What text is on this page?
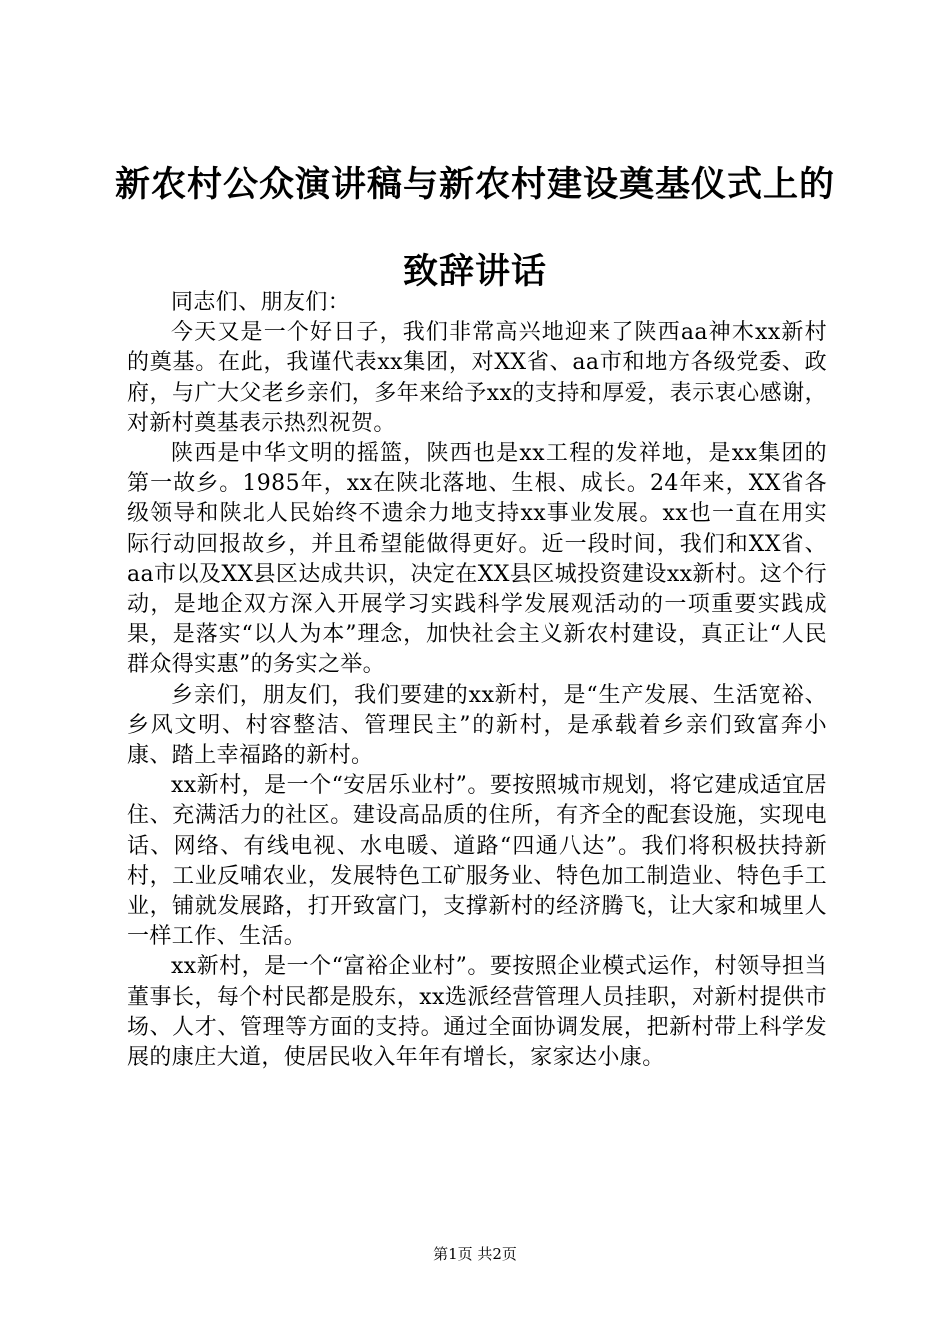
新农村公众演讲稿与新农村建设奠基仪式上的
致辞讲话

同志们、朋友们：

今天又是一个好日子，我们非常高兴地迎来了陕西aa神木xx新村的奠基。在此，我谨代表xx集团，对XX省、aa市和地方各级党委、政府，与广大父老乡亲们，多年来给予xx的支持和厚爱，表示衷心感谢，对新村奠基表示热烈祝贺。

陕西是中华文明的摇篮，陕西也是xx工程的发祥地，是xx集团的第一故乡。1985年，xx在陕北落地、生根、成长。24年来，XX省各级领导和陕北人民始终不遗余力地支持xx事业发展。xx也一直在用实际行动回报故乡，并且希望能做得更好。近一段时间，我们和XX省、aa市以及XX县区达成共识，决定在XX县区城投资建设xx新村。这个行动，是地企双方深入开展学习实践科学发展观活动的一项重要实践成果，是落实“以人为本”理念，加快社会主义新农村建设，真正让“人民群众得实惠”的务实之举。

乡亲们，朋友们，我们要建的xx新村，是“生产发展、生活宽裕、乡风文明、村容整洁、管理民主”的新村，是承载着乡亲们致富奔小康、踏上幸福路的新村。

xx新村，是一个“安居乐业村”。要按照城市规划，将它建成适宜居住、充满活力的社区。建设高品质的住所，有齐全的配套设施，实现电话、网络、有线电视、水电暖、道路“四通八达”。我们将积极扶持新村，工业反哺农业，发展特色工矿服务业、特色加工制造业、特色手工业，铺就发展路，打开致富门，支撑新村的经济腾飞，让大家和城里人一样工作、生活。

xx新村，是一个“富裕企业村”。要按照企业模式运作，村领导担当董事长，每个村民都是股东，xx选派经营管理人员挂职，对新村提供市场、人才、管理等方面的支持。通过全面协调发展，把新村带上科学发展的康庄大道，使居民收入年年有增长，家家达小康。

第1页 共2页
